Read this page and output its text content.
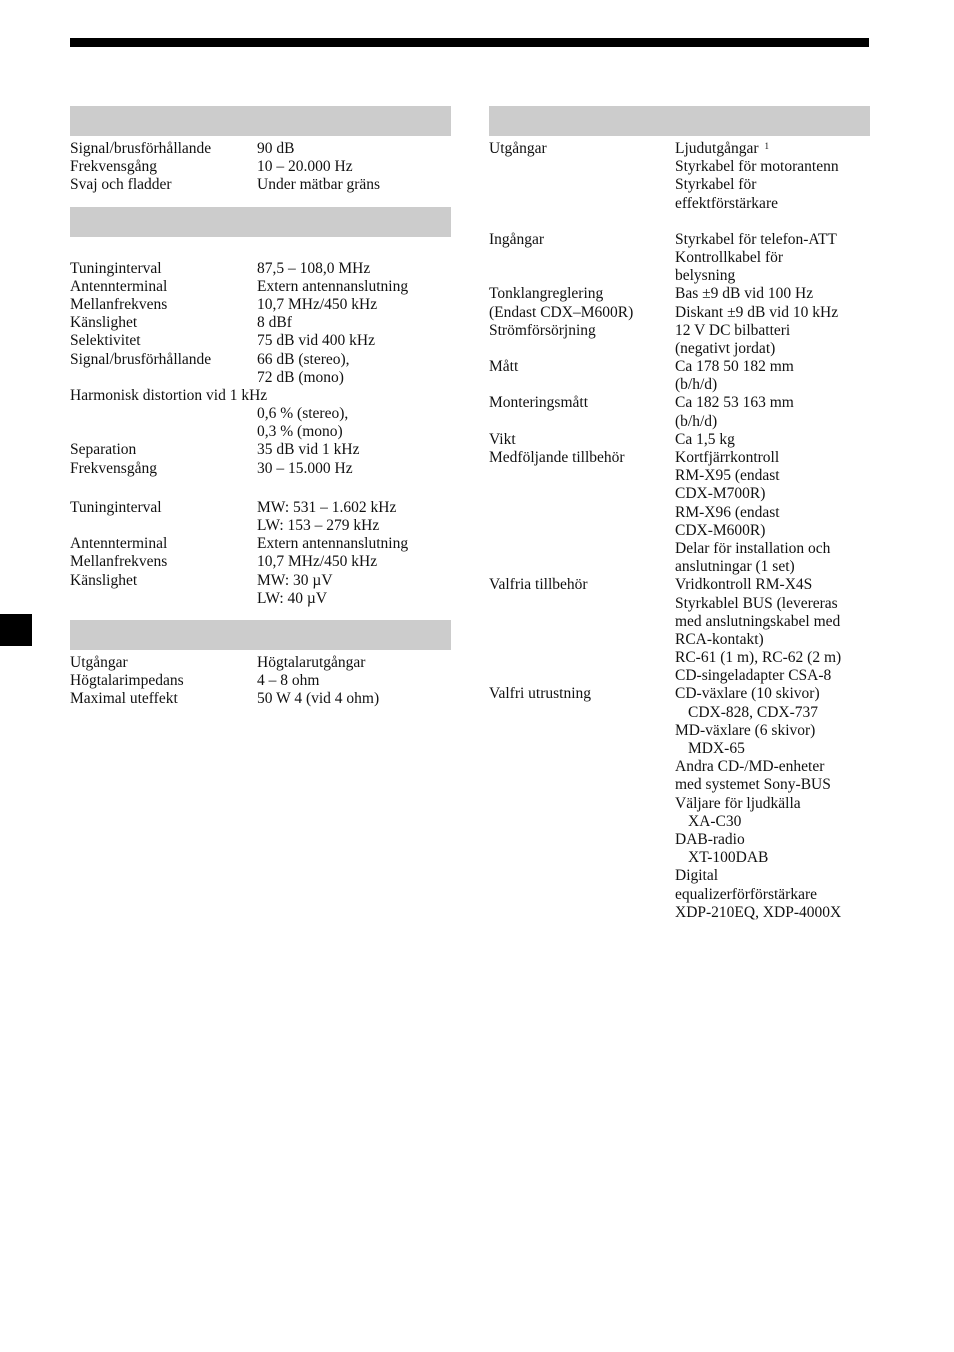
Signal/brusförhållande	90 dB
Frekvensgång	10 – 20.000 Hz
Svaj och fladder	Under mätbar gräns
Tuninginterval	87,5 – 108,0 MHz
Antennterminal	Extern antennanslutning
Mellanfrekvens	10,7 MHz/450 kHz
Känslighet	8 dBf
Selektivitet	75 dB vid 400 kHz
Signal/brusförhållande	66 dB (stereo),
72 dB (mono)
Harmonisk distortion vid 1 kHz
0,6 % (stereo),
0,3 % (mono)
Separation	35 dB vid 1 kHz
Frekvensgång	30 – 15.000 Hz
Tuninginterval	MW: 531 – 1.602 kHz
LW: 153 – 279 kHz
Antennterminal	Extern antennanslutning
Mellanfrekvens	10,7 MHz/450 kHz
Känslighet	MW: 30 µV
LW: 40 µV
Utgångar	Högtalarutgångar
Högtalarimpedans	4 – 8 ohm
Maximal uteffekt	50 W 4 (vid 4 ohm)
Utgångar	Ljudutgångar $^1$
Styrkabel för motorantenn
Styrkabel för
effektförstärkare
Ingångar	Styrkabel för telefon-ATT
Kontrollkabel för
belysning
Tonklangreglering	Bas ±9 dB vid 100 Hz
(Endast CDX–M600R)	Diskant ±9 dB vid 10 kHz
Strömförsörjning	12 V DC bilbatteri
(negativt jordat)
Mått	Ca 178 50 182 mm
(b/h/d)
Monteringsmått	Ca 182 53 163 mm
(b/h/d)
Vikt	Ca 1,5 kg
Medföljande tillbehör	Kortfjärrkontroll
RM-X95 (endast
CDX-M700R)
RM-X96 (endast
CDX-M600R)
Delar för installation och
anslutningar (1 set)
Valfria tillbehör	Vridkontroll RM-X4S
Styrkablel BUS (levereras
med anslutningskabel med
RCA-kontakt)
RC-61 (1 m), RC-62 (2 m)
CD-singeladapter CSA-8
Valfri utrustning	CD-växlare (10 skivor)
CDX-828, CDX-737
MD-växlare (6 skivor)
MDX-65
Andra CD-/MD-enheter
med systemet Sony-BUS
Väljare för ljudkälla
XA-C30
DAB-radio
XT-100DAB
Digital
equalizerförförstärkare
XDP-210EQ, XDP-4000X
